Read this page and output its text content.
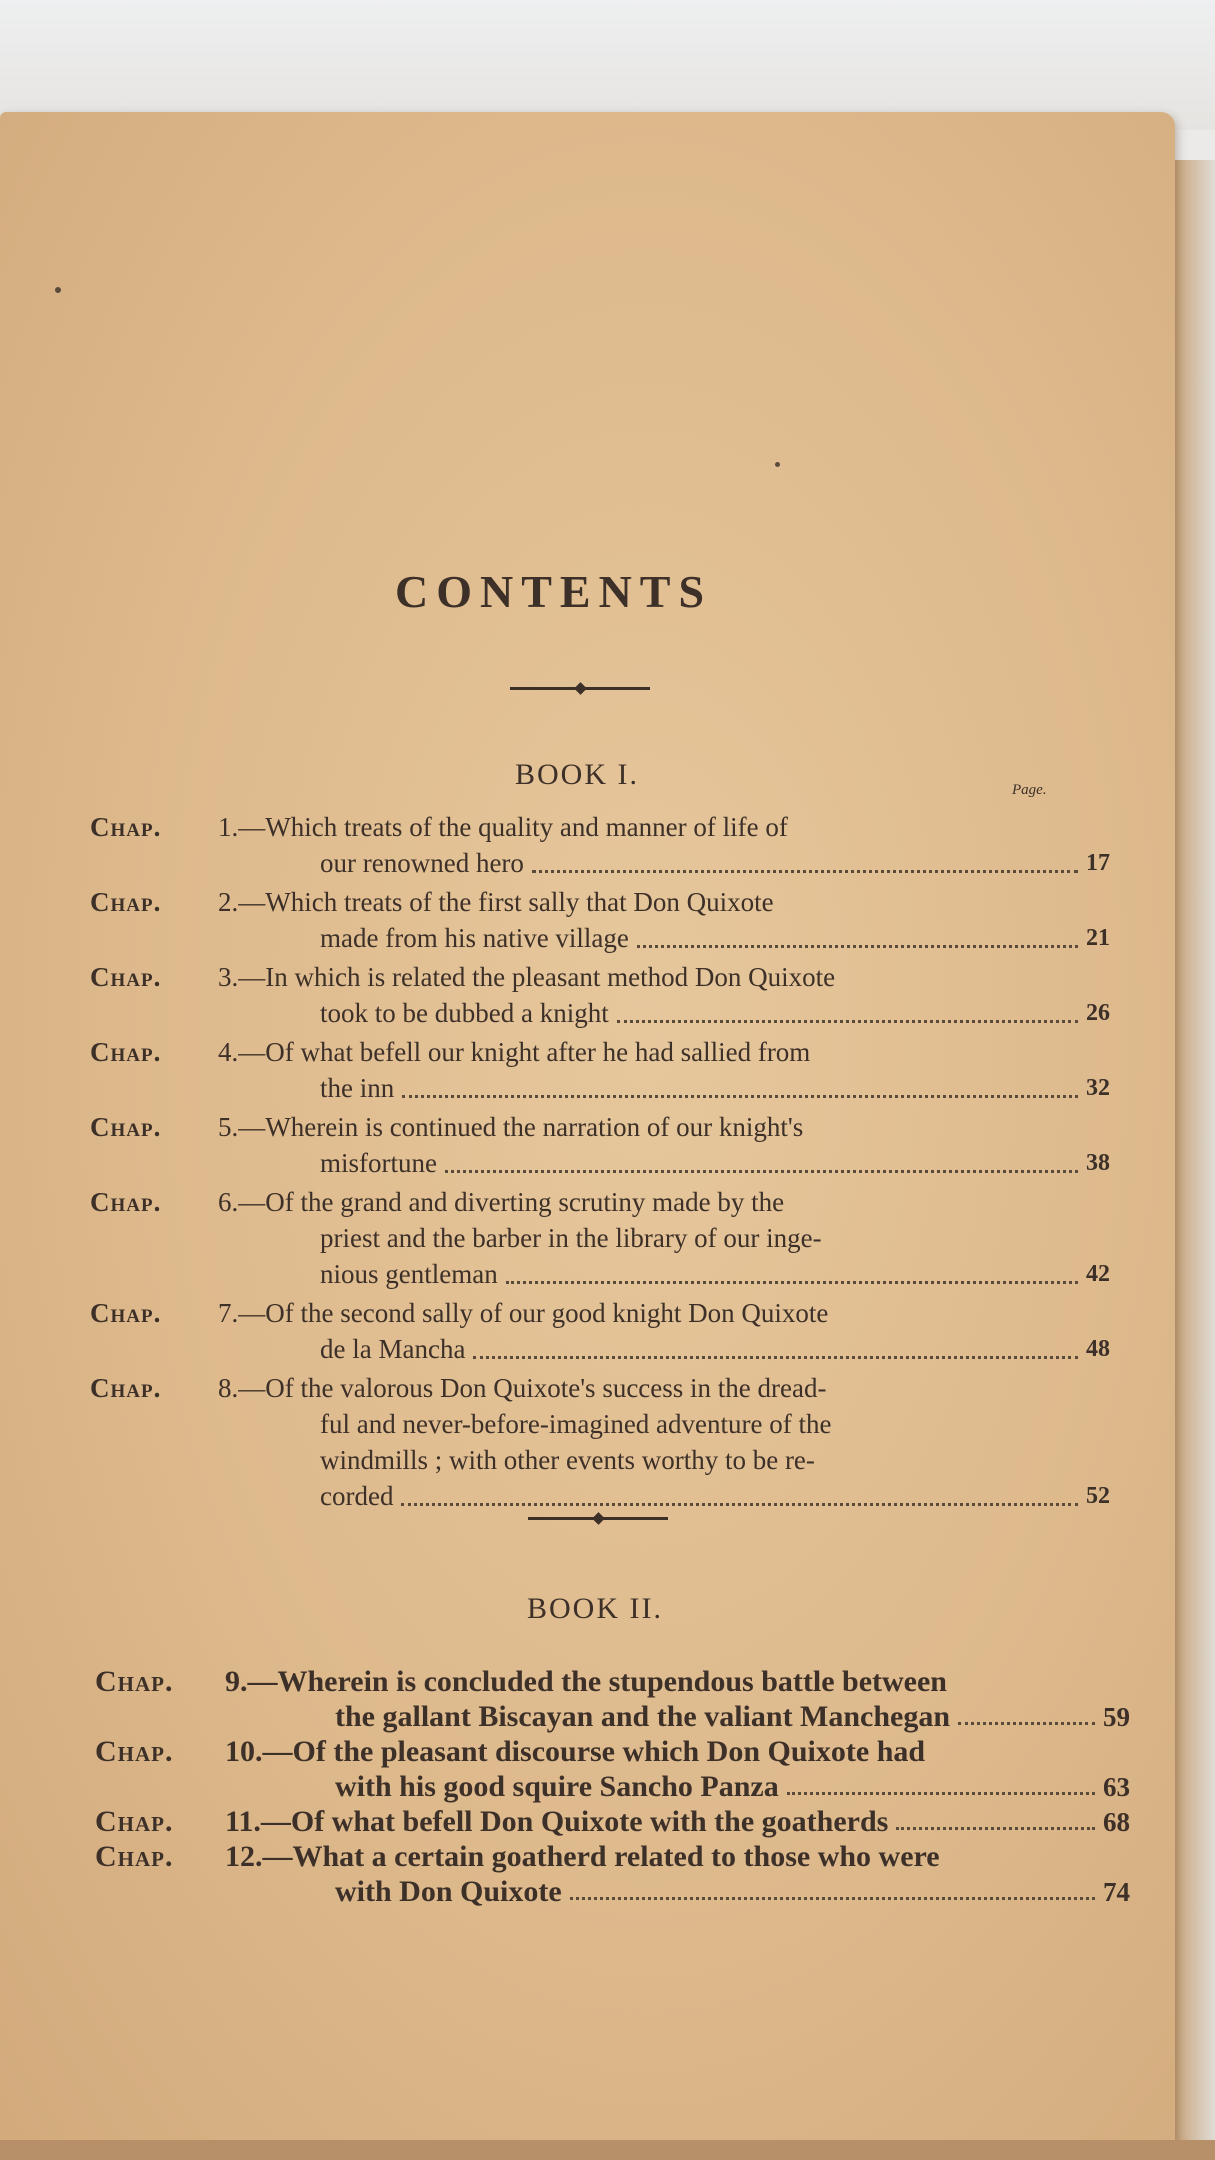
CONTENTS
BOOK I.	Page.
Chap. 1.—Which treats of the quality and manner of life of
our renowned hero	17
Chap. 2.—Which treats of the first sally that Don Quixote
made from his native village	21
Chap. 3.—In which is related the pleasant method Don Quixote
took to be dubbed a knight	26
Chap. 4.—Of what befell our knight after he had sallied from
the inn	32
Chap. 5.—Wherein is continued the narration of our knight's
misfortune	38
Chap. 6.—Of the grand and diverting scrutiny made by the
priest and the barber in the library of our inge-
nious gentleman	42
Chap. 7.—Of the second sally of our good knight Don Quixote
de la Mancha	48
Chap. 8.—Of the valorous Don Quixote's success in the dread-
ful and never-before-imagined adventure of the
windmills ; with other events worthy to be re-
corded	52
BOOK II.
Chap. 9.—Wherein is concluded the stupendous battle between
the gallant Biscayan and the valiant Manchegan	59
Chap. 10.—Of the pleasant discourse which Don Quixote had
with his good squire Sancho Panza	63
Chap. 11.—Of what befell Don Quixote with the goatherds	68
Chap. 12.—What a certain goatherd related to those who were
with Don Quixote	74
